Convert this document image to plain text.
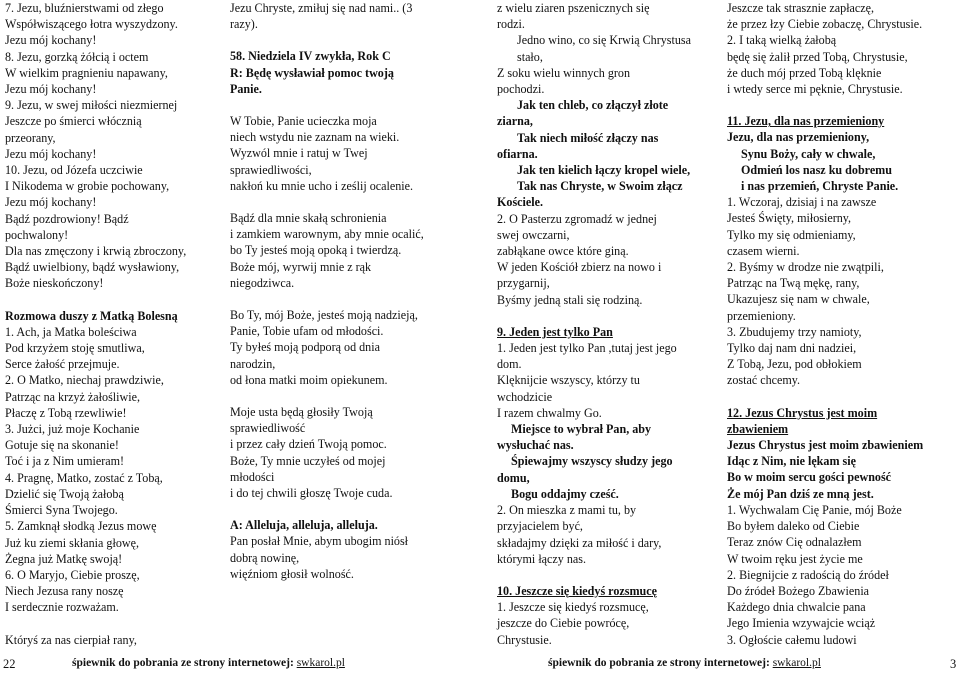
7. Jezu, bluźnierstwami od złego

Współwiszącego łotra wyszydzony.

Jezu mój kochany!

8. Jezu, gorzką żółcią i octem

W wielkim pragnieniu napawany,

Jezu mój kochany!

9. Jezu, w swej miłości niezmiernej

Jeszcze po śmierci włócznią

przeorany,

Jezu mój kochany!

10. Jezu, od Józefa uczciwie

I Nikodema w grobie pochowany,

Jezu mój kochany!

Bądź pozdrowiony! Bądź

pochwalony!

Dla nas zmęczony i krwią zbroczony,

Bądź uwielbiony, bądź wysławiony,

Boże nieskończony!

Rozmowa duszy z Matką Bolesną

1. Ach, ja Matka boleściwa

Pod krzyżem stoję smutliwa,

Serce żałość przejmuje.

2. O Matko, niechaj prawdziwie,

Patrząc na krzyż żałośliwie,

Płaczę z Tobą rzewliwie!

3. Jużci, już moje Kochanie

Gotuje się na skonanie!

Toć i ja z Nim umieram!

4. Pragnę, Matko, zostać z Tobą,

Dzielić się Twoją żałobą

Śmierci Syna Twojego.

5. Zamknął słodką Jezus mowę

Już ku ziemi skłania głowę,

Żegna już Matkę swoją!

6. O Maryjo, Ciebie proszę,

Niech Jezusa rany noszę

I serdecznie rozważam.

Któryś za nas cierpiał rany,

Jezu Chryste, zmiłuj się nad nami.. (3

razy).

58. Niedziela IV zwykła, Rok C

R: Będę wysławiał pomoc twoją

Panie.

W Tobie, Panie ucieczka moja

niech wstydu nie zaznam na wieki.

Wyzwól mnie i ratuj w Twej

sprawiedliwości,

nakłoń ku mnie ucho i ześlij ocalenie.

Bądź dla mnie skałą schronienia

i zamkiem warownym, aby mnie ocalić,

bo Ty jesteś moją opoką i twierdzą.

Boże mój, wyrwij mnie z rąk

niegodziwca.

Bo Ty, mój Boże, jesteś moją nadzieją,

Panie, Tobie ufam od młodości.

Ty byłeś moją podporą od dnia

narodzin,

od łona matki moim opiekunem.

Moje usta będą głosiły Twoją

sprawiedliwość

i przez cały dzień Twoją pomoc.

Boże, Ty mnie uczyłeś od mojej

młodości

i do tej chwili głoszę Twoje cuda.

A: Alleluja, alleluja, alleluja.

Pan posłał Mnie, abym ubogim niósł

dobrą nowinę,

więźniom głosił wolność.

z wielu ziaren pszenicznych się

rodzi.

Jedno wino, co się Krwią Chrystusa

stało,

Z soku wielu winnych gron

pochodzi.

Jak ten chleb, co złączył złote

ziarna,

Tak niech miłość złączy nas

ofiarna.

Jak ten kielich łączy kropel wiele,

Tak nas Chryste, w Swoim złącz

Kościele.

2. O Pasterzu zgromadź w jednej

swej owczarni,

zabłąkane owce które giną.

W jeden Kościół zbierz na nowo i

przygarnij,

Byśmy jedną stali się rodziną.

9. Jeden jest tylko Pan

1. Jeden jest tylko Pan ,tutaj jest jego

dom.

Klęknijcie wszyscy, którzy tu

wchodzicie

I razem chwalmy Go.

Miejsce to wybrał Pan, aby

wysłuchać nas.

Śpiewajmy wszyscy słudzy jego

domu,

Bogu oddajmy cześć.

2. On mieszka z mami tu, by

przyjacielem być,

składajmy dzięki za miłość i dary,

którymi łączy nas.

10. Jeszcze się kiedyś rozsmucę

1. Jeszcze się kiedyś rozsmucę,

jeszcze do Ciebie powrócę,

Chrystusie.

Jeszcze tak strasznie zapłaczę,

że przez łzy Ciebie zobaczę, Chrystusie.

2. I taką wielką żałobą

będę się żalił przed Tobą, Chrystusie,

że duch mój przed Tobą klęknie

i wtedy serce mi pęknie, Chrystusie.

11. Jezu, dla nas przemieniony

Jezu, dla nas przemieniony,

Synu Boży, cały w chwale,

Odmień los nasz ku dobremu

i nas przemień, Chryste Panie.

1. Wczoraj, dzisiaj i na zawsze

Jesteś Święty, miłosierny,

Tylko my się odmieniamy,

czasem wierni.

2. Byśmy w drodze nie zwątpili,

Patrząc na Twą mękę, rany,

Ukazujesz się nam w chwale,

przemieniony.

3. Zbudujemy trzy namioty,

Tylko daj nam dni nadziei,

Z Tobą, Jezu, pod obłokiem

zostać chcemy.

12. Jezus Chrystus jest moim

zbawieniem

Jezus Chrystus jest moim zbawieniem

Idąc z Nim, nie lękam się

Bo w moim sercu gości pewność

Że mój Pan dziś ze mną jest.

1. Wychwalam Cię Panie, mój Boże

Bo byłem daleko od Ciebie

Teraz znów Cię odnalazłem

W twoim ręku jest życie me

2. Biegnijcie z radością do źródeł

Do źródeł Bożego Zbawienia

Każdego dnia chwalcie pana

Jego Imienia wzywajcie wciąż

3. Ogłoście całemu ludowi

22	śpiewnik do pobrania ze strony internetowej: swkarol.pl	śpiewnik do pobrania ze strony internetowej: swkarol.pl	3
